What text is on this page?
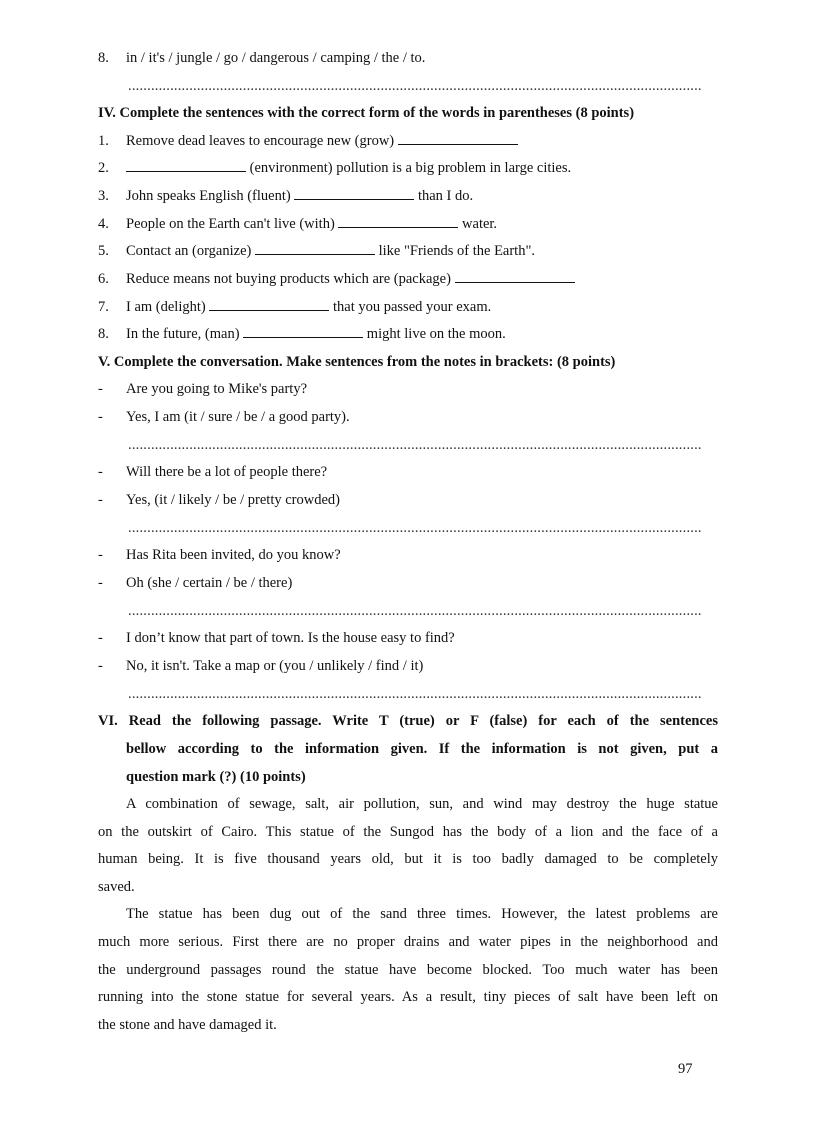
8. in / it's / jungle / go / dangerous / camping / the / to.
......................................................................................................................................................
IV. Complete the sentences with the correct form of the words in parentheses (8 points)
1. Remove dead leaves to encourage new (grow)
2.	(environment) pollution is a big problem in large cities.
3. John speaks English (fluent)	than I do.
4. People on the Earth can't live (with)	water.
5. Contact an (organize)	like "Friends of the Earth".
6. Reduce means not buying products which are (package)
7. I am (delight)	that you passed your exam.
8. In the future, (man)	might live on the moon.
V. Complete the conversation. Make sentences from the notes in brackets: (8 points)
- Are you going to Mike's party?
- Yes, I am (it / sure / be / a good party).
......................................................................................................................................................
- Will there be a lot of people there?
- Yes, (it / likely / be / pretty crowded)
......................................................................................................................................................
- Has Rita been invited, do you know?
- Oh (she / certain / be / there)
......................................................................................................................................................
- I don’t know that part of town. Is the house easy to find?
- No, it isn't. Take a map or (you / unlikely / find / it)
......................................................................................................................................................
VI. Read the following passage. Write T (true) or F (false) for each of the sentences
bellow according to the information given. If the information is not given, put a
question mark (?) (10 points)
A combination of sewage, salt, air pollution, sun, and wind may destroy the huge statue
on the outskirt of Cairo. This statue of the Sungod has the body of a lion and the face of a
human being. It is five thousand years old, but it is too badly damaged to be completely
saved.
The statue has been dug out of the sand three times. However, the latest problems are
much more serious. First there are no proper drains and water pipes in the neighborhood and
the underground passages round the statue have become blocked. Too much water has been
running into the stone statue for several years. As a result, tiny pieces of salt have been left on
the stone and have damaged it.
97
